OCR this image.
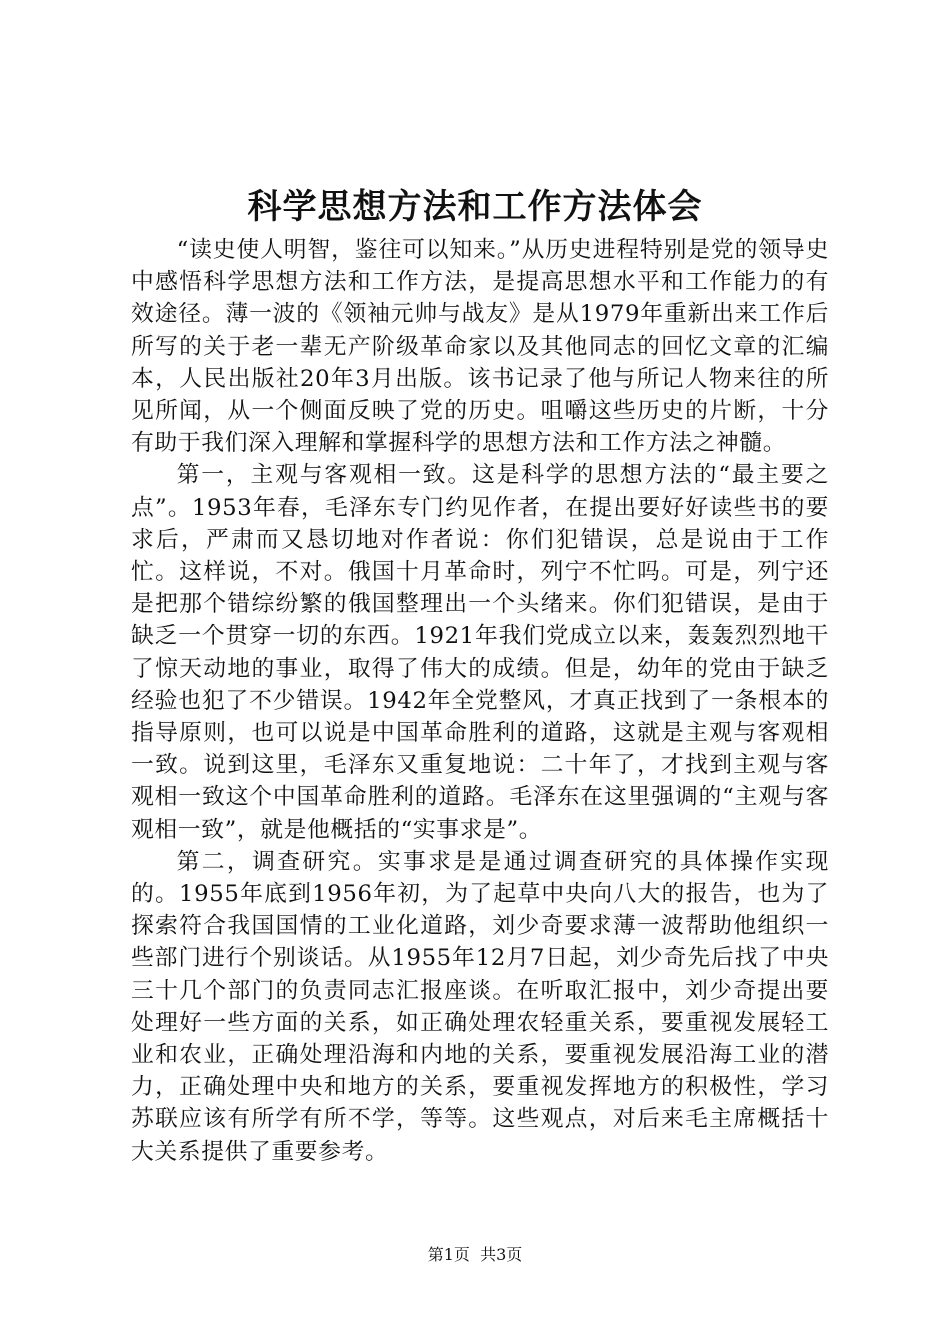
科学思想方法和工作方法体会

“读史使人明智，鉴往可以知来。”从历史进程特别是党的领导史中感悟科学思想方法和工作方法，是提高思想水平和工作能力的有效途径。薄一波的《领袖元帅与战友》是从1979年重新出来工作后所写的关于老一辈无产阶级革命家以及其他同志的回忆文章的汇编本，人民出版社20年3月出版。该书记录了他与所记人物来往的所见所闻，从一个侧面反映了党的历史。咀嚼这些历史的片断，十分有助于我们深入理解和掌握科学的思想方法和工作方法之神髓。

第一，主观与客观相一致。这是科学的思想方法的“最主要之点”。1953年春，毛泽东专门约见作者，在提出要好好读些书的要求后，严肃而又恳切地对作者说：你们犯错误，总是说由于工作忙。这样说，不对。俄国十月革命时，列宁不忙吗。可是，列宁还是把那个错综纷繁的俄国整理出一个头绪来。你们犯错误，是由于缺乏一个贯穿一切的东西。1921年我们党成立以来，轰轰烈烈地干了惊天动地的事业，取得了伟大的成绩。但是，幼年的党由于缺乏经验也犯了不少错误。1942年全党整风，才真正找到了一条根本的指导原则，也可以说是中国革命胜利的道路，这就是主观与客观相一致。说到这里，毛泽东又重复地说：二十年了，才找到主观与客观相一致这个中国革命胜利的道路。毛泽东在这里强调的“主观与客观相一致”，就是他概括的“实事求是”。

第二，调查研究。实事求是是通过调查研究的具体操作实现的。1955年底到1956年初，为了起草中央向八大的报告，也为了探索符合我国国情的工业化道路，刘少奇要求薄一波帮助他组织一些部门进行个别谈话。从1955年12月7日起，刘少奇先后找了中央三十几个部门的负责同志汇报座谈。在听取汇报中，刘少奇提出要处理好一些方面的关系，如正确处理农轻重关系，要重视发展轻工业和农业，正确处理沿海和内地的关系，要重视发展沿海工业的潜力，正确处理中央和地方的关系，要重视发挥地方的积极性，学习苏联应该有所学有所不学，等等。这些观点，对后来毛主席概括十大关系提供了重要参考。

第1页 共3页
